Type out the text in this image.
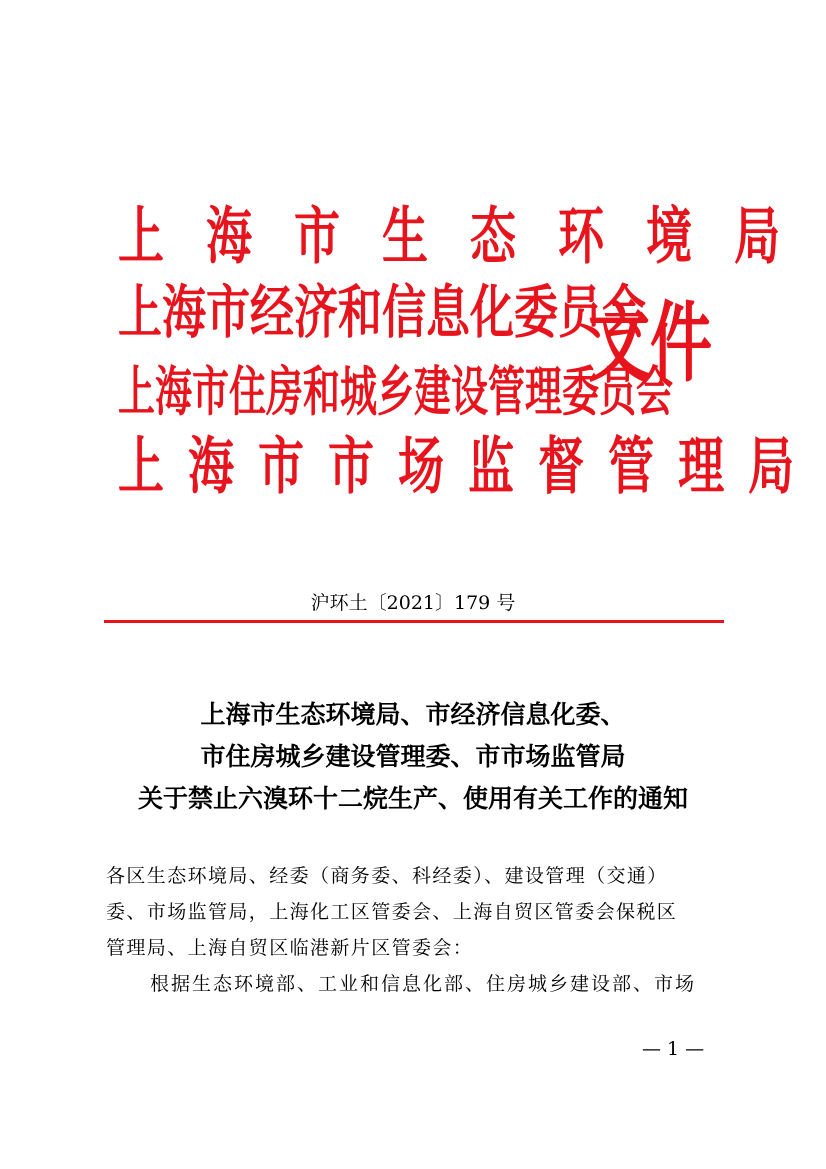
上 海 市 生 态 环 境 局
上海市经济和信息化委员会
上海市住房和城乡建设管理委员会
上 海 市 市 场 监 督 管 理 局
文件
沪环土〔2021〕179 号
上海市生态环境局、市经济信息化委、
市住房城乡建设管理委、市市场监管局
关于禁止六溴环十二烷生产、使用有关工作的通知
各区生态环境局、经委（商务委、科经委）、建设管理（交通）
委、市场监管局，上海化工区管委会、上海自贸区管委会保税区
管理局、上海自贸区临港新片区管委会：
根据生态环境部、工业和信息化部、住房城乡建设部、市场
— 1 —
